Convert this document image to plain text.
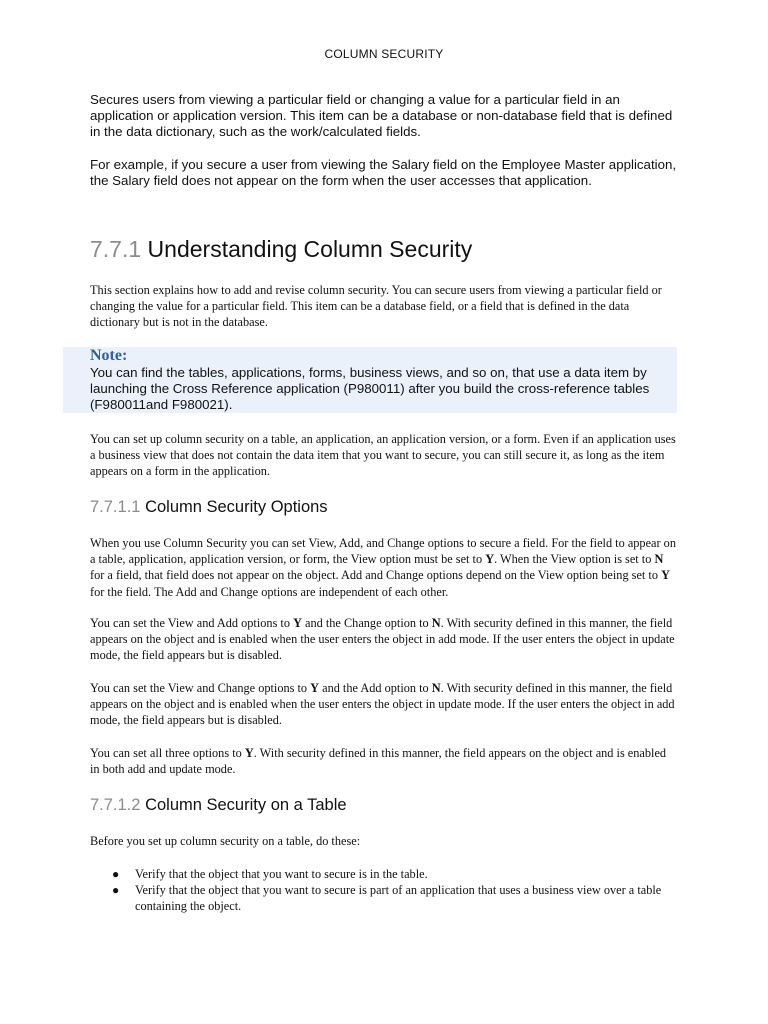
COLUMN SECURITY

Secures users from viewing a particular field or changing a value for a particular field in an application or application version. This item can be a database or non-database field that is defined in the data dictionary, such as the work/calculated fields.

For example, if you secure a user from viewing the Salary field on the Employee Master application, the Salary field does not appear on the form when the user accesses that application.

7.7.1 Understanding Column Security

This section explains how to add and revise column security. You can secure users from viewing a particular field or changing the value for a particular field. This item can be a database field, or a field that is defined in the data dictionary but is not in the database.

Note:
You can find the tables, applications, forms, business views, and so on, that use a data item by launching the Cross Reference application (P980011) after you build the cross-reference tables (F980011and F980021).

You can set up column security on a table, an application, an application version, or a form. Even if an application uses a business view that does not contain the data item that you want to secure, you can still secure it, as long as the item appears on a form in the application.

7.7.1.1 Column Security Options

When you use Column Security you can set View, Add, and Change options to secure a field. For the field to appear on a table, application, application version, or form, the View option must be set to Y. When the View option is set to N for a field, that field does not appear on the object. Add and Change options depend on the View option being set to Y for the field. The Add and Change options are independent of each other.

You can set the View and Add options to Y and the Change option to N. With security defined in this manner, the field appears on the object and is enabled when the user enters the object in add mode. If the user enters the object in update mode, the field appears but is disabled.

You can set the View and Change options to Y and the Add option to N. With security defined in this manner, the field appears on the object and is enabled when the user enters the object in update mode. If the user enters the object in add mode, the field appears but is disabled.

You can set all three options to Y. With security defined in this manner, the field appears on the object and is enabled in both add and update mode.

7.7.1.2 Column Security on a Table

Before you set up column security on a table, do these:

● Verify that the object that you want to secure is in the table.
● Verify that the object that you want to secure is part of an application that uses a business view over a table containing the object.
